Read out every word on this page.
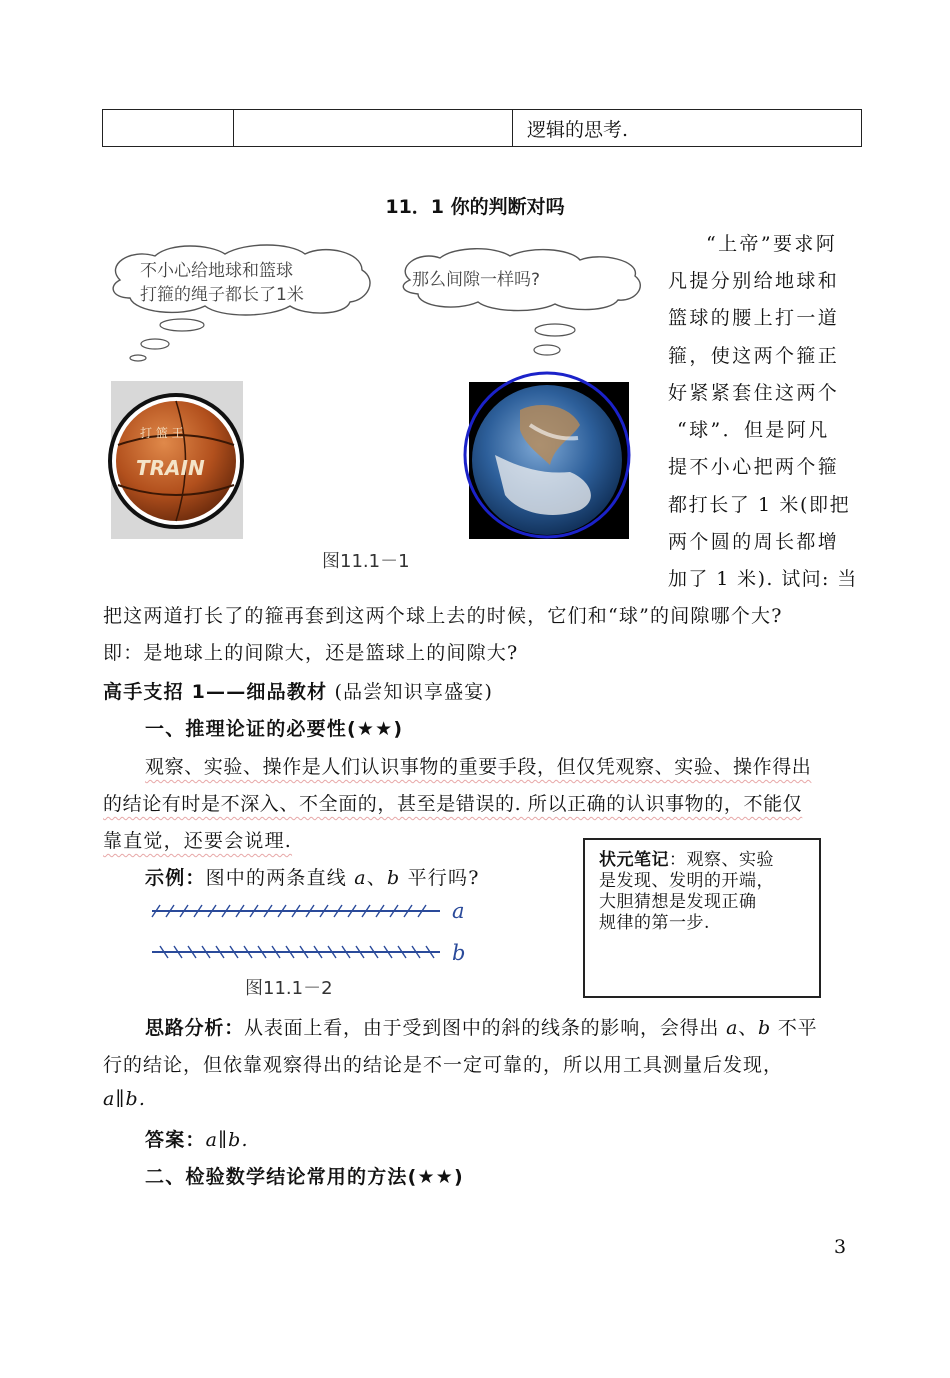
		逻辑的思考.
11．1 你的判断对吗
不小心给地球和篮球
打箍的绳子都长了1米
那么间隙一样吗?
打 篮 王
TRAIN
图11.1－1
“上帝”要求阿
凡提分别给地球和
篮球的腰上打一道
箍，使这两个箍正
好紧紧套住这两个
“球”．但是阿凡
提不小心把两个箍
都打长了 1 米(即把
两个圆的周长都增
加了 1 米). 试问: 当
把这两道打长了的箍再套到这两个球上去的时候，它们和“球”的间隙哪个大?
即：是地球上的间隙大，还是篮球上的间隙大?
高手支招 1——细品教材 (品尝知识享盛宴)
一、推理论证的必要性(★★)
观察、实验、操作是人们认识事物的重要手段，但仅凭观察、实验、操作得出
的结论有时是不深入、不全面的，甚至是错误的. 所以正确的认识事物的，不能仅
靠直觉，还要会说理.
示例：图中的两条直线 a、b 平行吗?
a
b
图11.1－2
状元笔记：观察、实验
是发现、发明的开端，
大胆猜想是发现正确
规律的第一步.
思路分析：从表面上看，由于受到图中的斜的线条的影响，会得出 a、b 不平
行的结论，但依靠观察得出的结论是不一定可靠的，所以用工具测量后发现，
a∥b.
答案：a∥b.
二、检验数学结论常用的方法(★★)
3
